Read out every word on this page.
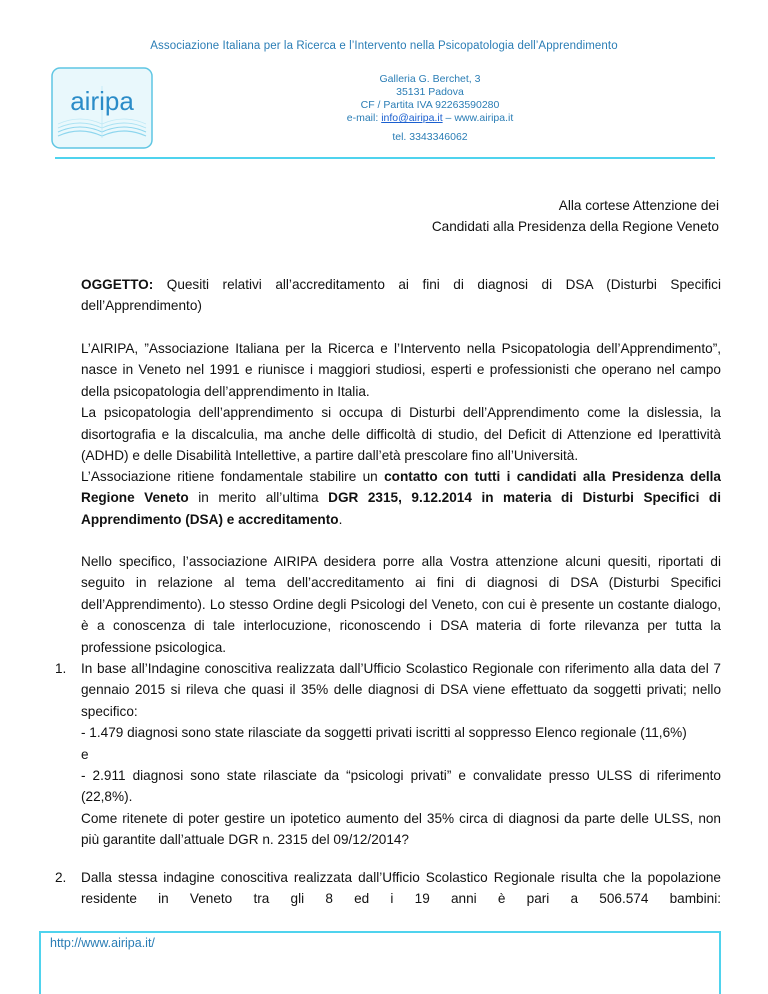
Associazione Italiana per la Ricerca e l’Intervento nella Psicopatologia dell’Apprendimento
airipa
Galleria G. Berchet, 3
35131 Padova
CF / Partita IVA 92263590280
e-mail: info@airipa.it – www.airipa.it
tel. 3343346062
Alla cortese Attenzione dei
Candidati alla Presidenza della Regione Veneto

OGGETTO: Quesiti relativi all’accreditamento ai fini di diagnosi di DSA (Disturbi Specifici dell’Apprendimento)

L’AIRIPA, ”Associazione Italiana per la Ricerca e l’Intervento nella Psicopatologia dell’Apprendimento”, nasce in Veneto nel 1991 e riunisce i maggiori studiosi, esperti e professionisti che operano nel campo della psicopatologia dell’apprendimento in Italia.

La psicopatologia dell’apprendimento si occupa di Disturbi dell’Apprendimento come la dislessia, la disortografia e la discalculia, ma anche delle difficoltà di studio, del Deficit di Attenzione ed Iperattività (ADHD) e delle Disabilità Intellettive, a partire dall’età prescolare fino all’Università.

L’Associazione ritiene fondamentale stabilire un contatto con tutti i candidati alla Presidenza della Regione Veneto in merito all’ultima DGR 2315, 9.12.2014 in materia di Disturbi Specifici di Apprendimento (DSA) e accreditamento.

Nello specifico, l’associazione AIRIPA desidera porre alla Vostra attenzione alcuni quesiti, riportati di seguito in relazione al tema dell’accreditamento ai fini di diagnosi di DSA (Disturbi Specifici dell’Apprendimento). Lo stesso Ordine degli Psicologi del Veneto, con cui è presente un costante dialogo, è a conoscenza di tale interlocuzione, riconoscendo i DSA materia di forte rilevanza per tutta la professione psicologica.

1. In base all’Indagine conoscitiva realizzata dall’Ufficio Scolastico Regionale con riferimento alla data del 7 gennaio 2015 si rileva che quasi il 35% delle diagnosi di DSA viene effettuato da soggetti privati; nello specifico:

- 1.479 diagnosi sono state rilasciate da soggetti privati iscritti al soppresso Elenco regionale (11,6%)

e

- 2.911 diagnosi sono state rilasciate da “psicologi privati” e convalidate presso ULSS di riferimento (22,8%).

Come ritenete di poter gestire un ipotetico aumento del 35% circa di diagnosi da parte delle ULSS, non più garantite dall’attuale DGR n. 2315 del 09/12/2014?

2. Dalla stessa indagine conoscitiva realizzata dall’Ufficio Scolastico Regionale risulta che la popolazione residente in Veneto tra gli 8 ed i 19 anni è pari a 506.574 bambini:

http://www.airipa.it/
